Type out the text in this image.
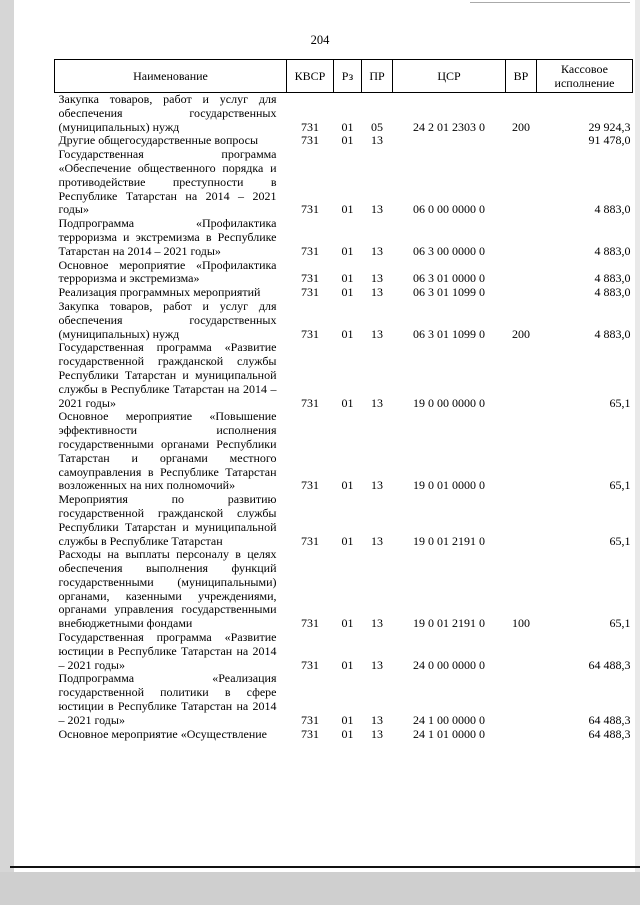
204
Наименование	КВСР	Рз	ПР	ЦСР	ВР	Кассовое исполнение
Закупка товаров, работ и услуг для обеспечения государственных (муниципальных) нужд	731	01	05	24 2 01 2303 0	200	29 924,3
Другие общегосударственные вопросы	731	01	13			91 478,0
Государственная программа «Обеспечение общественного порядка и противодействие преступности в Республике Татарстан на 2014 – 2021 годы»	731	01	13	06 0 00 0000 0		4 883,0
Подпрограмма «Профилактика терроризма и экстремизма в Республике Татарстан на 2014 – 2021 годы»	731	01	13	06 3 00 0000 0		4 883,0
Основное мероприятие «Профилактика терроризма и экстремизма»	731	01	13	06 3 01 0000 0		4 883,0
Реализация программных мероприятий	731	01	13	06 3 01 1099 0		4 883,0
Закупка товаров, работ и услуг для обеспечения государственных (муниципальных) нужд	731	01	13	06 3 01 1099 0	200	4 883,0
Государственная программа «Развитие государственной гражданской службы Республики Татарстан и муниципальной службы в Республике Татарстан на 2014 – 2021 годы»	731	01	13	19 0 00 0000 0		65,1
Основное мероприятие «Повышение эффективности исполнения государственными органами Республики Татарстан и органами местного самоуправления в Республике Татарстан возложенных на них полномочий»	731	01	13	19 0 01 0000 0		65,1
Мероприятия по развитию государственной гражданской службы Республики Татарстан и муниципальной службы в Республике Татарстан	731	01	13	19 0 01 2191 0		65,1
Расходы на выплаты персоналу в целях обеспечения выполнения функций государственными (муниципальными) органами, казенными учреждениями, органами управления государственными внебюджетными фондами	731	01	13	19 0 01 2191 0	100	65,1
Государственная программа «Развитие юстиции в Республике Татарстан на 2014 – 2021 годы»	731	01	13	24 0 00 0000 0		64 488,3
Подпрограмма «Реализация государственной политики в сфере юстиции в Республике Татарстан на 2014 – 2021 годы»	731	01	13	24 1 00 0000 0		64 488,3
Основное мероприятие «Осуществление	731	01	13	24 1 01 0000 0		64 488,3
